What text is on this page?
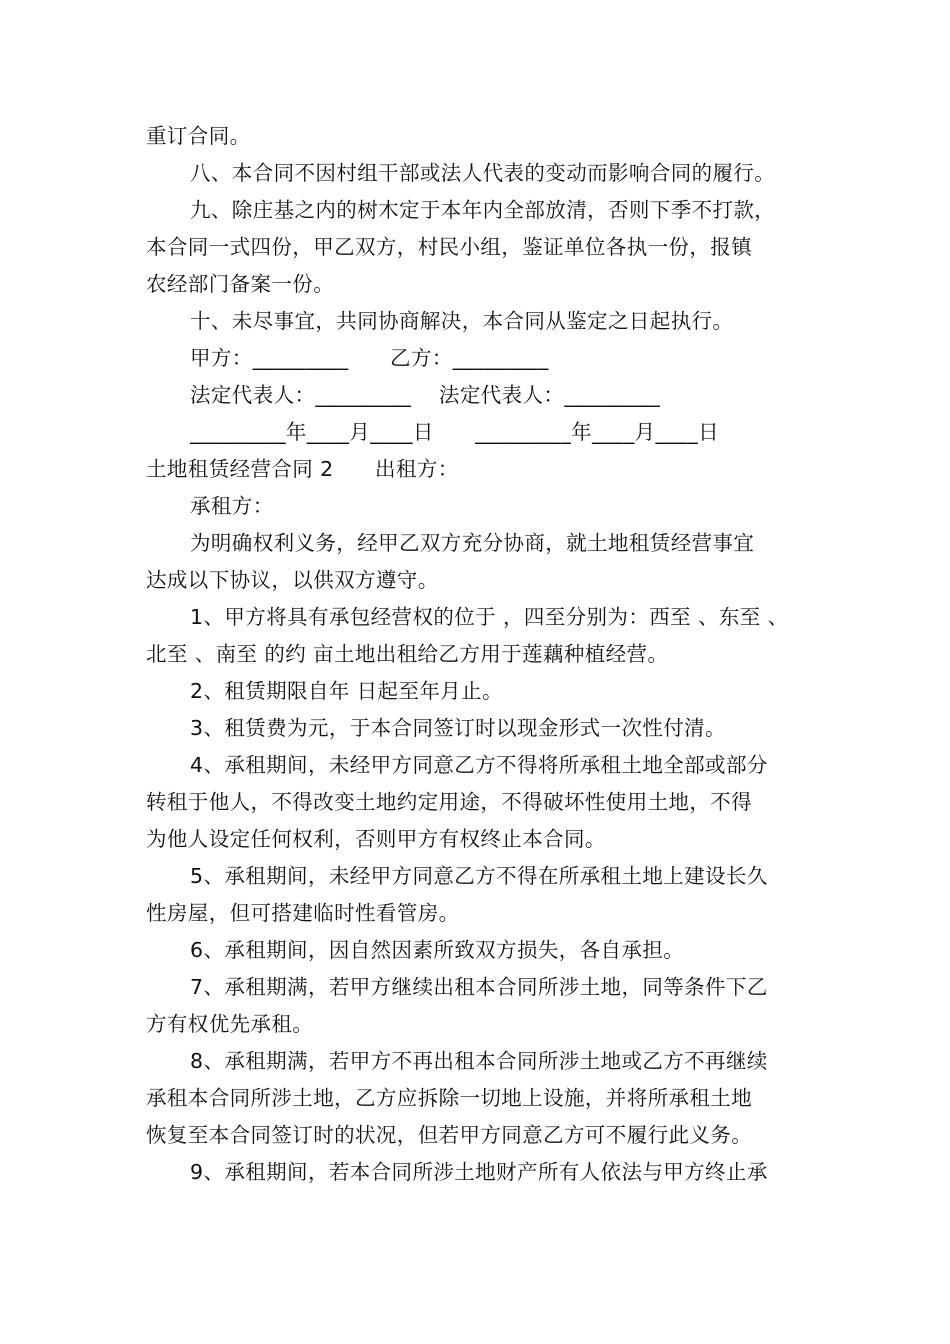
重订合同。

八、本合同不因村组干部或法人代表的变动而影响合同的履行。

九、除庄基之内的树木定于本年内全部放清，否则下季不打款，

本合同一式四份，甲乙双方，村民小组，鉴证单位各执一份，报镇

农经部门备案一份。

十、未尽事宜，共同协商解决，本合同从鉴定之日起执行。

甲方：_________      乙方：_________

法定代表人：_________    法定代表人：_________

_________年____月____日      _________年____月____日

土地租赁经营合同 2      出租方：

承租方：

为明确权利义务，经甲乙双方充分协商，就土地租赁经营事宜

达成以下协议，以供双方遵守。

1、甲方将具有承包经营权的位于 ，四至分别为：西至 、东至 、

北至 、南至 的约 亩土地出租给乙方用于莲藕种植经营。

2、租赁期限自年 日起至年月止。

3、租赁费为元，于本合同签订时以现金形式一次性付清。

4、承租期间，未经甲方同意乙方不得将所承租土地全部或部分

转租于他人，不得改变土地约定用途，不得破坏性使用土地，不得

为他人设定任何权利，否则甲方有权终止本合同。

5、承租期间，未经甲方同意乙方不得在所承租土地上建设长久

性房屋，但可搭建临时性看管房。

6、承租期间，因自然因素所致双方损失，各自承担。

7、承租期满，若甲方继续出租本合同所涉土地，同等条件下乙

方有权优先承租。

8、承租期满，若甲方不再出租本合同所涉土地或乙方不再继续

承租本合同所涉土地，乙方应拆除一切地上设施，并将所承租土地

恢复至本合同签订时的状况，但若甲方同意乙方可不履行此义务。

9、承租期间，若本合同所涉土地财产所有人依法与甲方终止承
